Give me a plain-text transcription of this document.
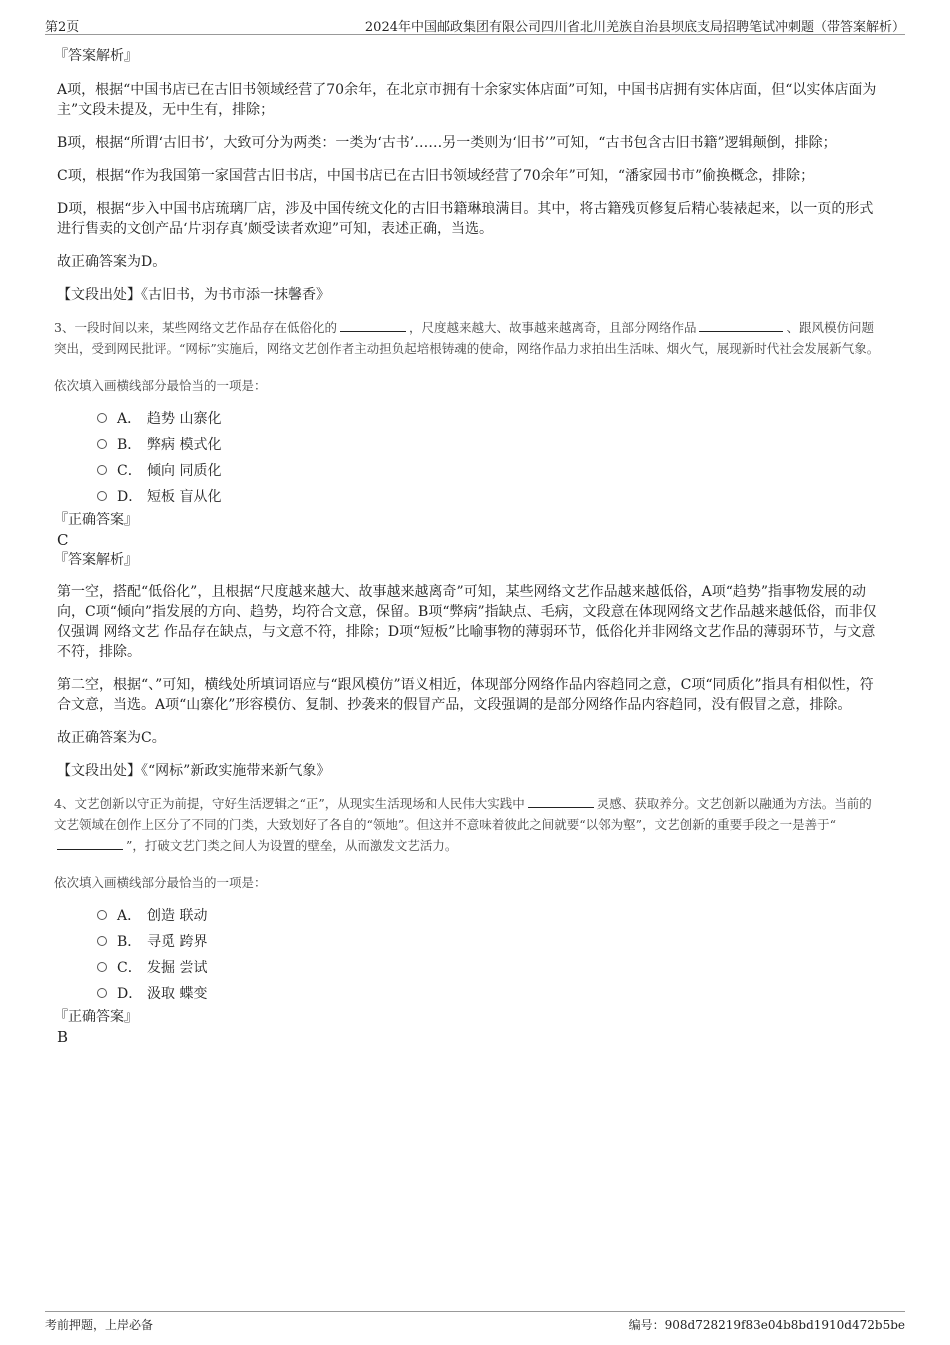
第2页	2024年中国邮政集团有限公司四川省北川羌族自治县坝底支局招聘笔试冲刺题（带答案解析）
『答案解析』

A项，根据“中国书店已在古旧书领域经营了70余年，在北京市拥有十余家实体店面”可知，中国书店拥有实体店面，但“以实体店面为主”文段未提及，无中生有，排除；

B项，根据“所谓‘古旧书’，大致可分为两类：一类为‘古书’……另一类则为‘旧书’”可知，“古书包含古旧书籍”逻辑颠倒，排除；

C项，根据“作为我国第一家国营古旧书店，中国书店已在古旧书领域经营了70余年”可知，“潘家园书市”偷换概念，排除；

D项，根据“步入中国书店琉璃厂店，涉及中国传统文化的古旧书籍琳琅满目。其中，将古籍残页修复后精心装裱起来，以一页的形式进行售卖的文创产品‘片羽存真’颇受读者欢迎”可知，表述正确，当选。

故正确答案为D。

【文段出处】《古旧书，为书市添一抹馨香》

3、一段时间以来，某些网络文艺作品存在低俗化的	，尺度越来越大、故事越来越离奇，且部分网络作品	、跟风模仿问题突出，受到网民批评。“网标”实施后，网络文艺创作者主动担负起培根铸魂的使命，网络作品力求拍出生活味、烟火气，展现新时代社会发展新气象。
依次填入画横线部分最恰当的一项是：
A． 趋势 山寨化
B． 弊病 模式化
C． 倾向 同质化
D． 短板 盲从化
『正确答案』
C
『答案解析』

第一空，搭配“低俗化”，且根据“尺度越来越大、故事越来越离奇”可知，某些网络文艺作品越来越低俗，A项“趋势”指事物发展的动向，C项“倾向”指发展的方向、趋势，均符合文意，保留。B项“弊病”指缺点、毛病，文段意在体现网络文艺作品越来越低俗，而非仅仅强调 网络文艺 作品存在缺点，与文意不符，排除；D项“短板”比喻事物的薄弱环节，低俗化并非网络文艺作品的薄弱环节，与文意不符，排除。

第二空，根据“、”可知，横线处所填词语应与“跟风模仿”语义相近，体现部分网络作品内容趋同之意，C项“同质化”指具有相似性，符合文意，当选。A项“山寨化”形容模仿、复制、抄袭来的假冒产品，文段强调的是部分网络作品内容趋同，没有假冒之意，排除。

故正确答案为C。

【文段出处】《“网标”新政实施带来新气象》

4、文艺创新以守正为前提，守好生活逻辑之“正”，从现实生活现场和人民伟大实践中	灵感、获取养分。文艺创新以融通为方法。当前的文艺领域在创作上区分了不同的门类，大致划好了各自的“领地”。但这并不意味着彼此之间就要“以邻为壑”，文艺创新的重要手段之一是善于“”，打破文艺门类之间人为设置的壁垒，从而激发文艺活力。
依次填入画横线部分最恰当的一项是：
A． 创造 联动
B． 寻觅 跨界
C． 发掘 尝试
D． 汲取 蝶变
『正确答案』
B
考前押题，上岸必备	编号：908d728219f83e04b8bd1910d472b5be
